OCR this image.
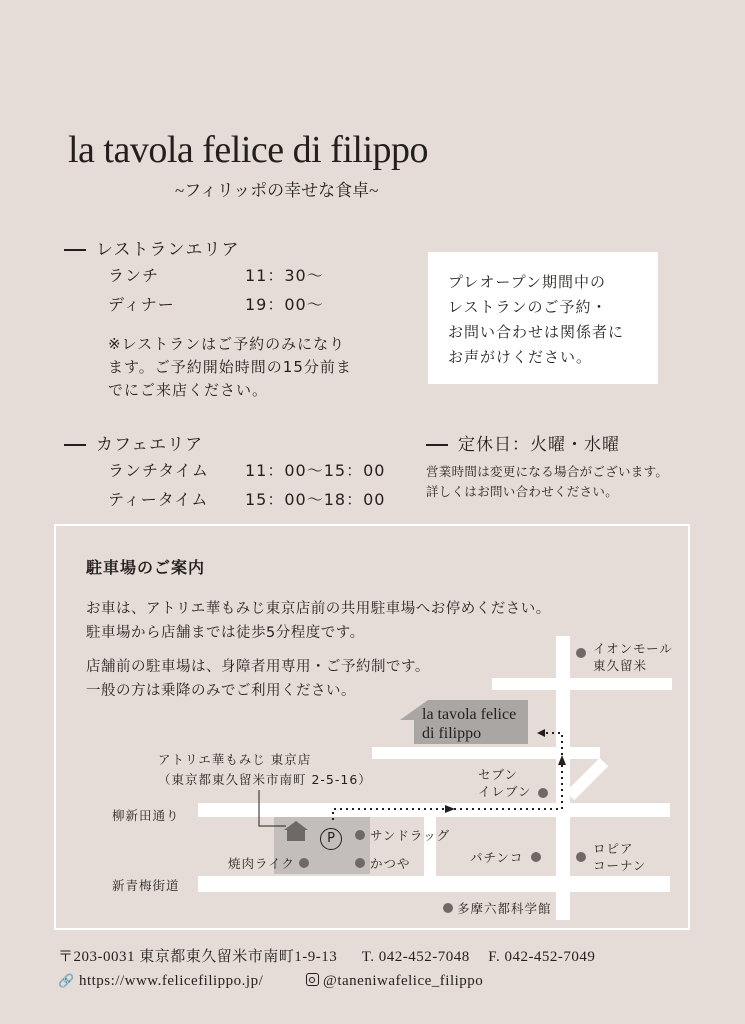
la tavola felice di filippo
~フィリッポの幸せな食卓~
レストランエリア
ランチ	11：30〜
ディナー	19：00〜
※レストランはご予約のみになり
ます。ご予約開始時間の15分前ま
でにご来店ください。
プレオープン期間中の
レストランのご予約・
お問い合わせは関係者に
お声がけください。
カフェエリア
ランチタイム 11：00〜15：00
ティータイム 15：00〜18：00
定休日：火曜・水曜
営業時間は変更になる場合がございます。
詳しくはお問い合わせください。
駐車場のご案内
お車は、アトリエ華もみじ東京店前の共用駐車場へお停めください。
駐車場から店舗までは徒歩5分程度です。
店舗前の駐車場は、身障者用専用・ご予約制です。
一般の方は乗降のみでご利用ください。
P
la tavola felice
di filippo
アトリエ華もみじ 東京店
（東京都東久留米市南町 2-5-16）
柳新田通り
新青梅街道
イオンモール
東久留米
セブン
イレブン
サンドラッグ
かつや
焼肉ライク	パチンコ
ロピア
コーナン
多摩六都科学館
〒203-0031 東京都東久留米市南町1-9-13 T. 042-452-7048 F. 042-452-7049
🔗 https://www.felicefilippo.jp/	@taneniwafelice_filippo
